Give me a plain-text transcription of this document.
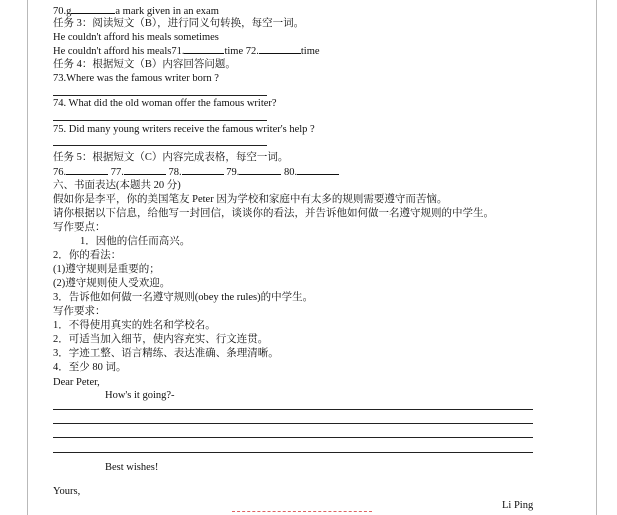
70.g	a mark given in an exam
任务 3：阅读短文（B），进行同义句转换，每空一词。
He couldn't afford his meals sometimes
He couldn't afford his meals71.	time 72.	time
任务 4：根据短文（B）内容回答问题。
73.Where was the famous writer born ?
74. What did the old woman offer the famous writer?
75. Did many young writers receive the famous writer's help ?
任务 5：根据短文（C）内容完成表格，每空一词。
76.	77.	78.	79.	80.
六、书面表达(本题共 20 分)
假如你是李平，你的美国笔友 Peter 因为学校和家庭中有太多的规则需要遵守而苦恼。
请你根据以下信息，给他写一封回信，谈谈你的看法，并告诉他如何做一名遵守规则的中学生。
写作要点：
1．因他的信任而高兴。
2．你的看法：
(1)遵守规则是重要的；
(2)遵守规则使人受欢迎。
3．告诉他如何做一名遵守规则(obey the rules)的中学生。
写作要求：
1．不得使用真实的姓名和学校名。
2．可适当加入细节，使内容充实、行文连贯。
3．字迹工整、语言精练、表达准确、条理清晰。
4．至少 80 词。
Dear Peter,
How's it going?-
Best wishes!
Yours,
Li Ping
